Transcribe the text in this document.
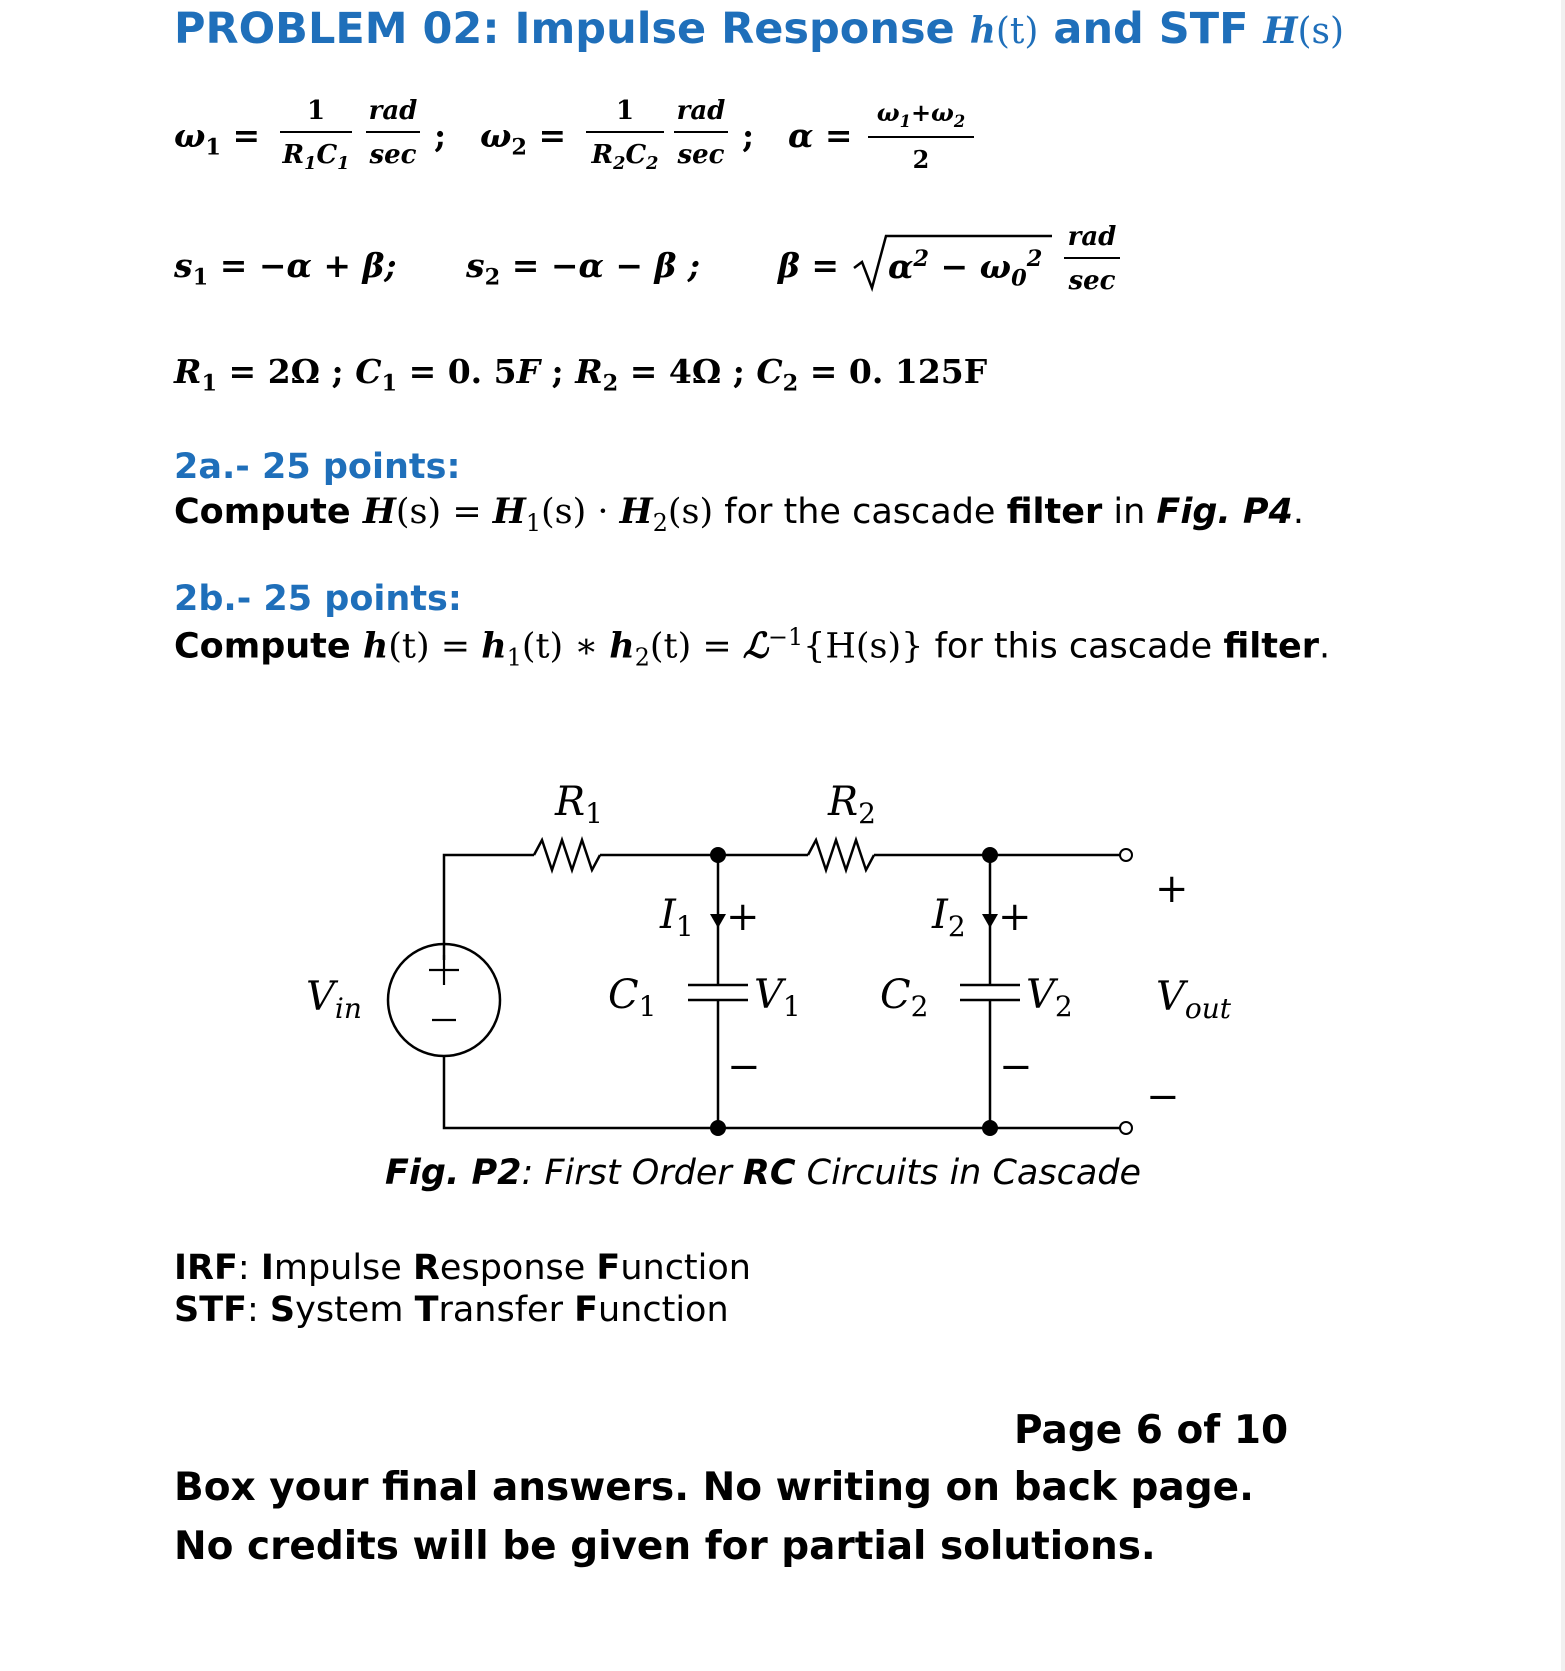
PROBLEM 02: Impulse Response h(t) and STF H(s)
$\omega_1$ =
1
$R_1C_1$
rad
sec ; $\omega_2$ =
1
$R_2C_2$
rad
sec ; α =
$\omega_1+\omega_2$
2
$s_1 = -\alpha + \beta$; $s_2 = -\alpha - \beta$ ; $\beta = \alpha^2 - \omega_0^2$
rad
sec
$R_1 = 2\Omega$ ; $C_1 = 0$. 5F ; $R_2 = 4\Omega$ ; $C_2 = 0$. 125F
2a.- 25 points:
Compute $H(s) = H_1(s) \cdot H_2(s)$ for the cascade filter in Fig. P4.
2b.- 25 points:
Compute $h(t) = h_1(t)$ ∗ $h_2(t)$ = ℒ$^{-1}${H(s)} for this cascade filter.
$R_1$	$R_2$
$I_1$ +	$I_2$ +
$C_1$ $V_1$ $C_2$ $V_2$
−	−
$V_{in}$
+
$V_{out}$
−
Fig. P2: First Order RC Circuits in Cascade
IRF: Impulse Response Function
STF: System Transfer Function
Page 6 of 10
Box your final answers. No writing on back page.
No credits will be given for partial solutions.
